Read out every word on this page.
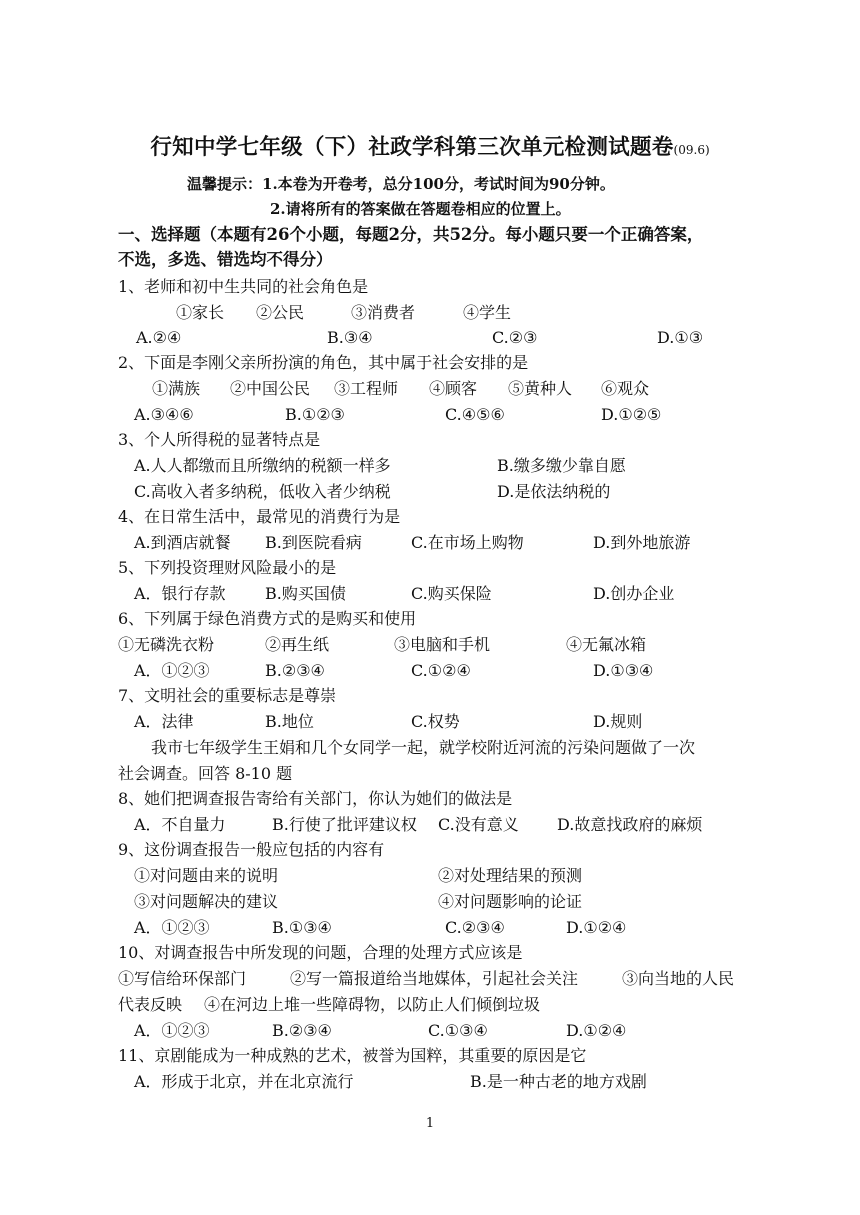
行知中学七年级（下）社政学科第三次单元检测试题卷(09.6)
温馨提示：1.本卷为开卷考，总分100分，考试时间为90分钟。
2.请将所有的答案做在答题卷相应的位置上。
一、选择题（本题有26个小题，每题2分，共52分。每小题只要一个正确答案，
不选，多选、错选均不得分）
1、老师和初中生共同的社会角色是
①家长 ②公民	③消费者	④学生
A.②④	B.③④	C.②③	D.①③
2、下面是李刚父亲所扮演的角色，其中属于社会安排的是
①满族 ②中国公民 ③工程师 ④顾客 ⑤黄种人 ⑥观众
A.③④⑥	B.①②③	C.④⑤⑥	D.①②⑤
3、个人所得税的显著特点是
A.人人都缴而且所缴纳的税额一样多	B.缴多缴少靠自愿
C.高收入者多纳税，低收入者少纳税	D.是依法纳税的
4、在日常生活中，最常见的消费行为是
A.到酒店就餐 B.到医院看病	C.在市场上购物	D.到外地旅游
5、下列投资理财风险最小的是
A．银行存款 B.购买国债	C.购买保险	D.创办企业
6、下列属于绿色消费方式的是购买和使用
①无磷洗衣粉	②再生纸	③电脑和手机	④无氟冰箱
A．①②③	B.②③④	C.①②④	D.①③④
7、文明社会的重要标志是尊崇
A．法律	B.地位	C.权势	D.规则
我市七年级学生王娟和几个女同学一起，就学校附近河流的污染问题做了一次
社会调查。回答 8-10 题
8、她们把调查报告寄给有关部门，你认为她们的做法是
A．不自量力	B.行使了批评建议权 C.没有意义 D.故意找政府的麻烦
9、这份调查报告一般应包括的内容有
①对问题由来的说明	②对处理结果的预测
③对问题解决的建议	④对问题影响的论证
A．①②③	B.①③④	C.②③④	D.①②④
10、对调查报告中所发现的问题，合理的处理方式应该是
①写信给环保部门	②写一篇报道给当地媒体，引起社会关注	③向当地的人民
代表反映 ④在河边上堆一些障碍物，以防止人们倾倒垃圾
A．①②③	B.②③④	C.①③④	D.①②④
11、京剧能成为一种成熟的艺术，被誉为国粹，其重要的原因是它
A．形成于北京，并在北京流行	B.是一种古老的地方戏剧
1
